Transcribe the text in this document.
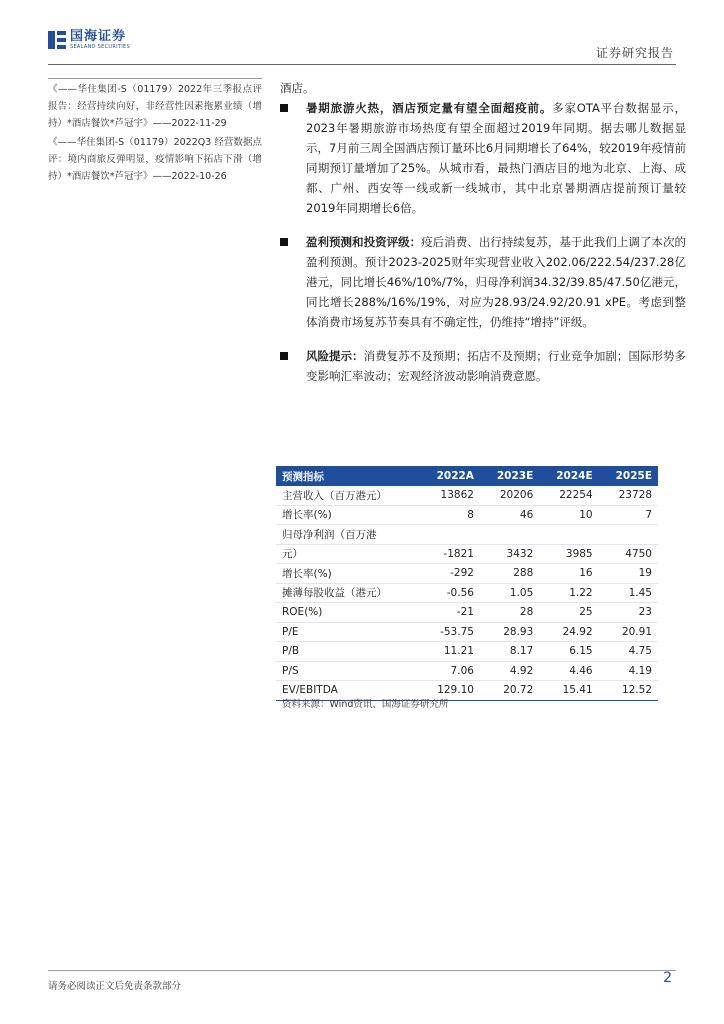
国海证券
SEALAND SECURITIES	证券研究报告

《——华住集团-S（01179）2022年三季报点评报告：经营持续向好，非经营性因素拖累业绩（增持）*酒店餐饮*芦冠宇》——2022-11-29

《——华住集团-S（01179）2022Q3 经营数据点评：境内商旅反弹明显，疫情影响下拓店下滑（增持）*酒店餐饮*芦冠宇》——2022-10-26

酒店。

暑期旅游火热，酒店预定量有望全面超疫前。多家OTA平台数据显示，2023年暑期旅游市场热度有望全面超过2019年同期。据去哪儿数据显示，7月前三周全国酒店预订量环比6月同期增长了64%，较2019年疫情前同期预订量增加了25%。从城市看，最热门酒店目的地为北京、上海、成都、广州、西安等一线或新一线城市，其中北京暑期酒店提前预订量较2019年同期增长6倍。
盈利预测和投资评级：疫后消费、出行持续复苏，基于此我们上调了本次的盈利预测。预计2023-2025财年实现营业收入202.06/222.54/237.28亿港元，同比增长46%/10%/7%，归母净利润34.32/39.85/47.50亿港元，同比增长288%/16%/19%，对应为28.93/24.92/20.91 xPE。考虑到整体消费市场复苏节奏具有不确定性，仍维持“增持”评级。
风险提示：消费复苏不及预期；拓店不及预期；行业竞争加剧；国际形势多变影响汇率波动；宏观经济波动影响消费意愿。
预测指标	2022A	2023E	2024E	2025E
主营收入（百万港元）	13862	20206	22254	23728
增长率(%)	8	46	10	7
归母净利润（百万港				
元）	-1821	3432	3985	4750
增长率(%)	-292	288	16	19
摊薄每股收益（港元）	-0.56	1.05	1.22	1.45
ROE(%)	-21	28	25	23
P/E	-53.75	28.93	24.92	20.91
P/B	11.21	8.17	6.15	4.75
P/S	7.06	4.92	4.46	4.19
EV/EBITDA	129.10	20.72	15.41	12.52
资料来源：Wind资讯、国海证券研究所
请务必阅读正文后免责条款部分
2
